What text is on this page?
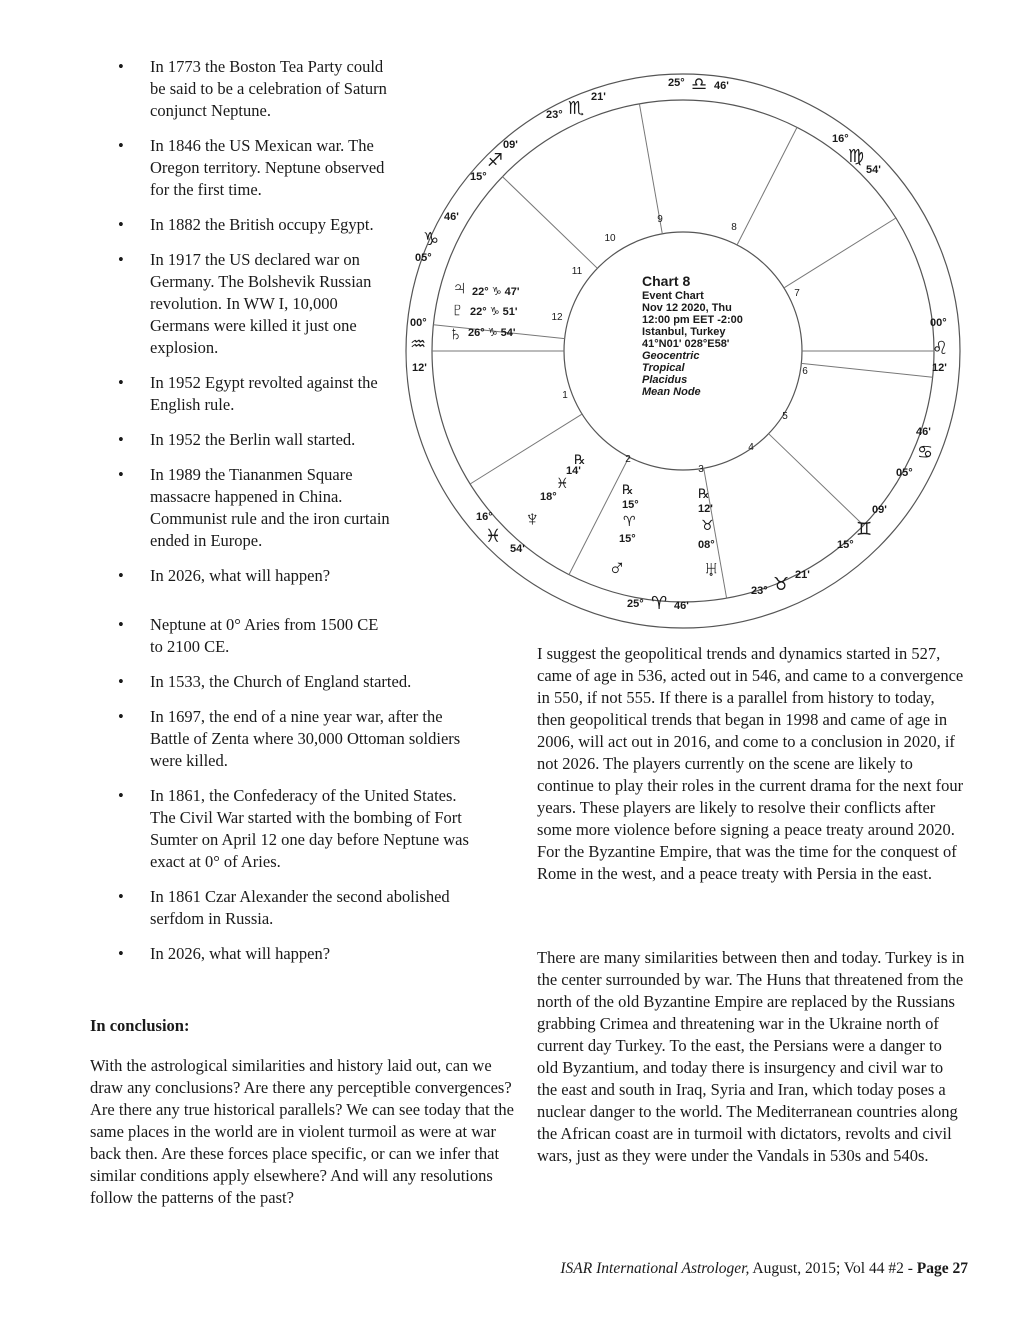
• In 1773 the Boston Tea Party could be said to be a celebration of Saturn conjunct Neptune.
• In 1846 the US Mexican war. The Oregon territory. Neptune observed for the first time.
• In 1882 the British occupy Egypt.
• In 1917 the US declared war on Germany. The Bolshevik Russian revolution. In WW I, 10,000 Germans were killed it just one explosion.
• In 1952 Egypt revolted against the English rule.
• In 1952 the Berlin wall started.
• In 1989 the Tiananmen Square massacre happened in China. Communist rule and the iron curtain ended in Europe.
• In 2026, what will happen?
• Neptune at 0° Aries from 1500 CE to 2100 CE.
• In 1533, the Church of England started.
• In 1697, the end of a nine year war, after the Battle of Zenta where 30,000 Ottoman soldiers were killed.
• In 1861, the Confederacy of the United States. The Civil War started with the bombing of Fort Sumter on April 12 one day before Neptune was exact at 0° of Aries.
• In 1861 Czar Alexander the second abolished serfdom in Russia.
• In 2026, what will happen?

In conclusion:

With the astrological similarities and history laid out, can we draw any conclusions? Are there any perceptible convergences? Are there any true historical parallels? We can see today that the same places in the world are in violent turmoil as were at war back then. Are these forces place specific, or can we infer that similar conditions apply elsewhere? And will any resolutions follow the patterns of the past?

I suggest the geopolitical trends and dynamics started in 527, came of age in 536, acted out in 546, and came to a convergence in 550, if not 555. If there is a parallel from history to today, then geopolitical trends that began in 1998 and came of age in 2006, will act out in 2016, and come to a conclusion in 2020, if not 2026. The players currently on the scene are likely to continue to play their roles in the current drama for the next four years. These players are likely to resolve their conflicts after some more violence before signing a peace treaty around 2020. For the Byzantine Empire, that was the time for the conquest of Rome in the west, and a peace treaty with Persia in the east.

There are many similarities between then and today. Turkey is in the center surrounded by war. The Huns that threatened from the north of the old Byzantine Empire are replaced by the Russians grabbing Crimea and threatening war in the Ukraine north of current day Turkey. To the east, the Persians were a danger to old Byzantium, and today there is insurgency and civil war to the east and south in Iraq, Syria and Iran, which today poses a nuclear danger to the world. The Mediterranean countries along the African coast are in turmoil with dictators, revolts and civil wars, just as they were under the Vandals in 530s and 540s.

Chart 8
Event Chart
Nov 12 2020, Thu
12:00 pm EET -2:00
Istanbul, Turkey
41°N01' 028°E58'
Geocentric
Tropical
Placidus
Mean Node
1
2
3
4
5
6
7
8
9
10
11
12
25° ♎ 46'
25° ♈ 46'
00°
♒
12'
00°
♌
12'
23° ♏
21'
15°
♐
09'
05°
♑
46'
16°
♍
54'
05°
♋
46'
15°
♊
09'
23° ♉ 21'
16°
♓
54'
♃ 22° ♑ 47'
♇ 22° ♑ 51'
♄ 26° ♑ 54'
℞
14'
♓
18°
♆
℞
15°
♈
15°
♂
℞
12'
♉
08°
♅

ISAR International Astrologer, August, 2015; Vol 44 #2 - Page 27
